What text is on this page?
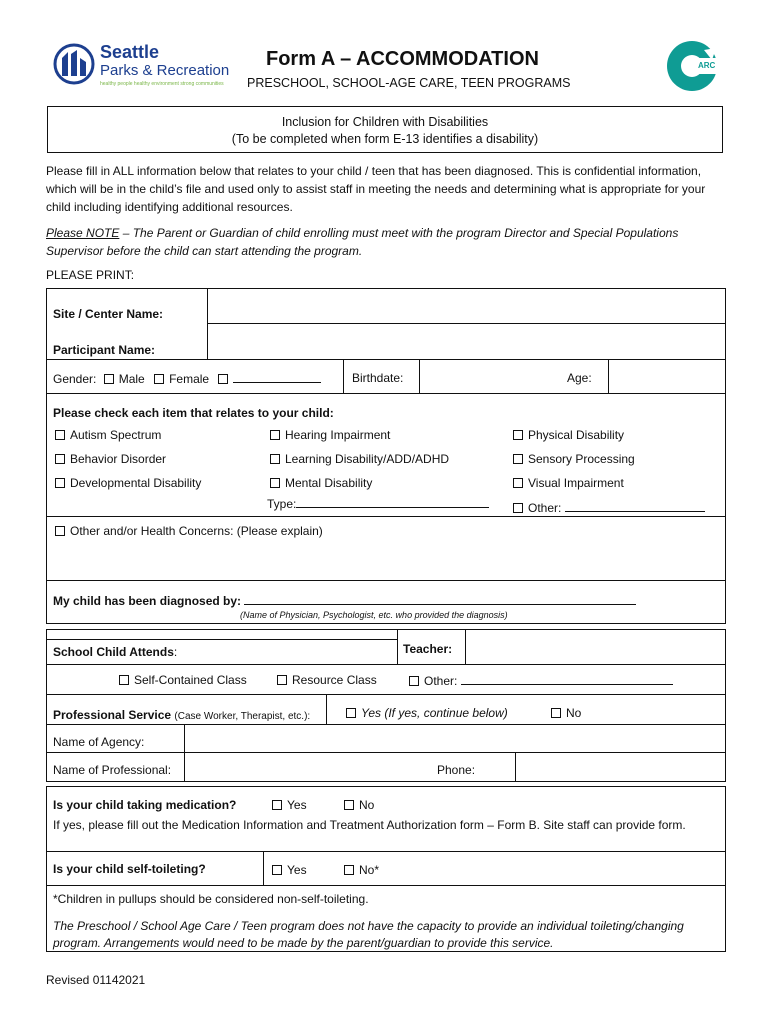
Seattle
Parks & Recreation
healthy people healthy environment strong communities
Form A – ACCOMMODATION
PRESCHOOL, SCHOOL-AGE CARE, TEEN PROGRAMS
ARC
Inclusion for Children with Disabilities
(To be completed when form E-13 identifies a disability)
Please fill in ALL information below that relates to your child / teen that has been diagnosed. This is confidential information, which will be in the child’s file and used only to assist staff in meeting the needs and determining what is appropriate for your child including identifying additional resources.
Please NOTE – The Parent or Guardian of child enrolling must meet with the program Director and Special Populations Supervisor before the child can start attending the program.
PLEASE PRINT:
Site / Center Name:
Participant Name:
Gender: Male Female	Birthdate:	Age:
Please check each item that relates to your child:
Autism Spectrum
Behavior Disorder
Developmental Disability
Hearing Impairment
Learning Disability/ADD/ADHD
Mental Disability
Type:
Physical Disability
Sensory Processing
Visual Impairment
Other:
Other and/or Health Concerns: (Please explain)
My child has been diagnosed by:
(Name of Physician, Psychologist, etc. who provided the diagnosis)
School Child Attends:	Teacher:
Self-Contained Class	Resource Class	Other:
Professional Service (Case Worker, Therapist, etc.):	Yes (If yes, continue below)	No
Name of Agency:
Name of Professional:	Phone:
Is your child taking medication?	Yes	No
If yes, please fill out the Medication Information and Treatment Authorization form – Form B. Site staff can provide form.
Is your child self-toileting?	Yes	No*
*Children in pullups should be considered non-self-toileting.
The Preschool / School Age Care / Teen program does not have the capacity to provide an individual toileting/changing program. Arrangements would need to be made by the parent/guardian to provide this service.
Revised 01142021
